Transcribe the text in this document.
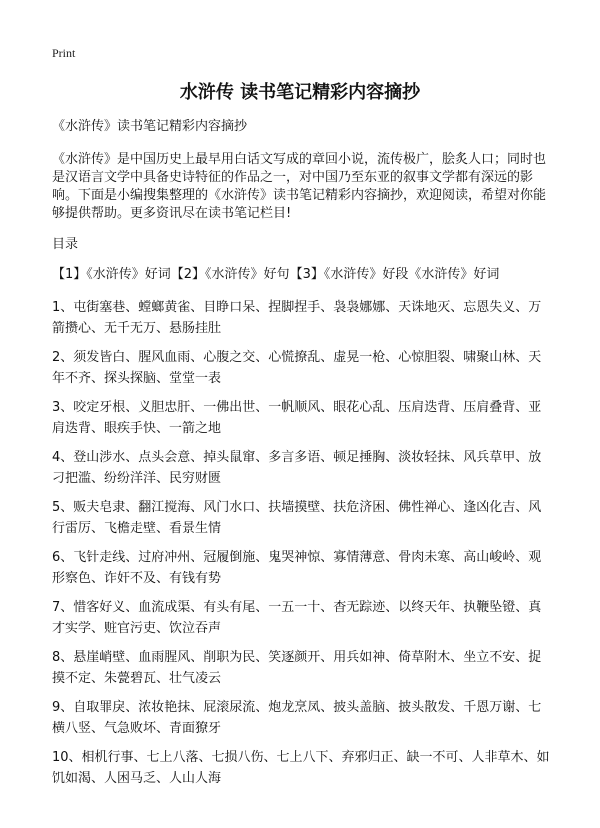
Print
水浒传 读书笔记精彩内容摘抄

《水浒传》读书笔记精彩内容摘抄

《水浒传》是中国历史上最早用白话文写成的章回小说，流传极广，脍炙人口；同时也是汉语言文学中具备史诗特征的作品之一，对中国乃至东亚的叙事文学都有深远的影响。下面是小编搜集整理的《水浒传》读书笔记精彩内容摘抄，欢迎阅读，希望对你能够提供帮助。更多资讯尽在读书笔记栏目!

目录

【1】《水浒传》好词【2】《水浒传》好句【3】《水浒传》好段《水浒传》好词

1、屯街塞巷、螳螂黄雀、目睁口呆、捏脚捏手、袅袅娜娜、天诛地灭、忘恩失义、万箭攒心、无千无万、悬肠挂肚
2、须发皆白、腥风血雨、心腹之交、心慌撩乱、虚晃一枪、心惊胆裂、啸聚山林、天年不齐、探头探脑、堂堂一表
3、咬定牙根、义胆忠肝、一佛出世、一帆顺风、眼花心乱、压肩迭背、压肩叠背、亚肩迭背、眼疾手快、一箭之地
4、登山涉水、点头会意、掉头鼠窜、多言多语、顿足捶胸、淡妆轻抹、风兵草甲、放刁把滥、纷纷洋洋、民穷财匮
5、贩夫皂隶、翻江搅海、风门水口、扶墙摸壁、扶危济困、佛性禅心、逢凶化吉、风行雷厉、飞檐走壁、看景生情
6、飞针走线、过府冲州、冠履倒施、鬼哭神惊、寡情薄意、骨肉未寒、高山峻岭、观形察色、诈奸不及、有钱有势
7、惜客好义、血流成渠、有头有尾、一五一十、杳无踪迹、以终天年、执鞭坠镫、真才实学、赃官污吏、饮泣吞声
8、悬崖峭壁、血雨腥风、削职为民、笑逐颜开、用兵如神、倚草附木、坐立不安、捉摸不定、朱甍碧瓦、壮气凌云
9、自取罪戾、浓妆艳抹、屁滚尿流、炮龙烹凤、披头盖脑、披头散发、千恩万谢、七横八竖、气急败坏、青面獠牙
10、相机行事、七上八落、七损八伤、七上八下、弃邪归正、缺一不可、人非草木、如饥如渴、人困马乏、人山人海
